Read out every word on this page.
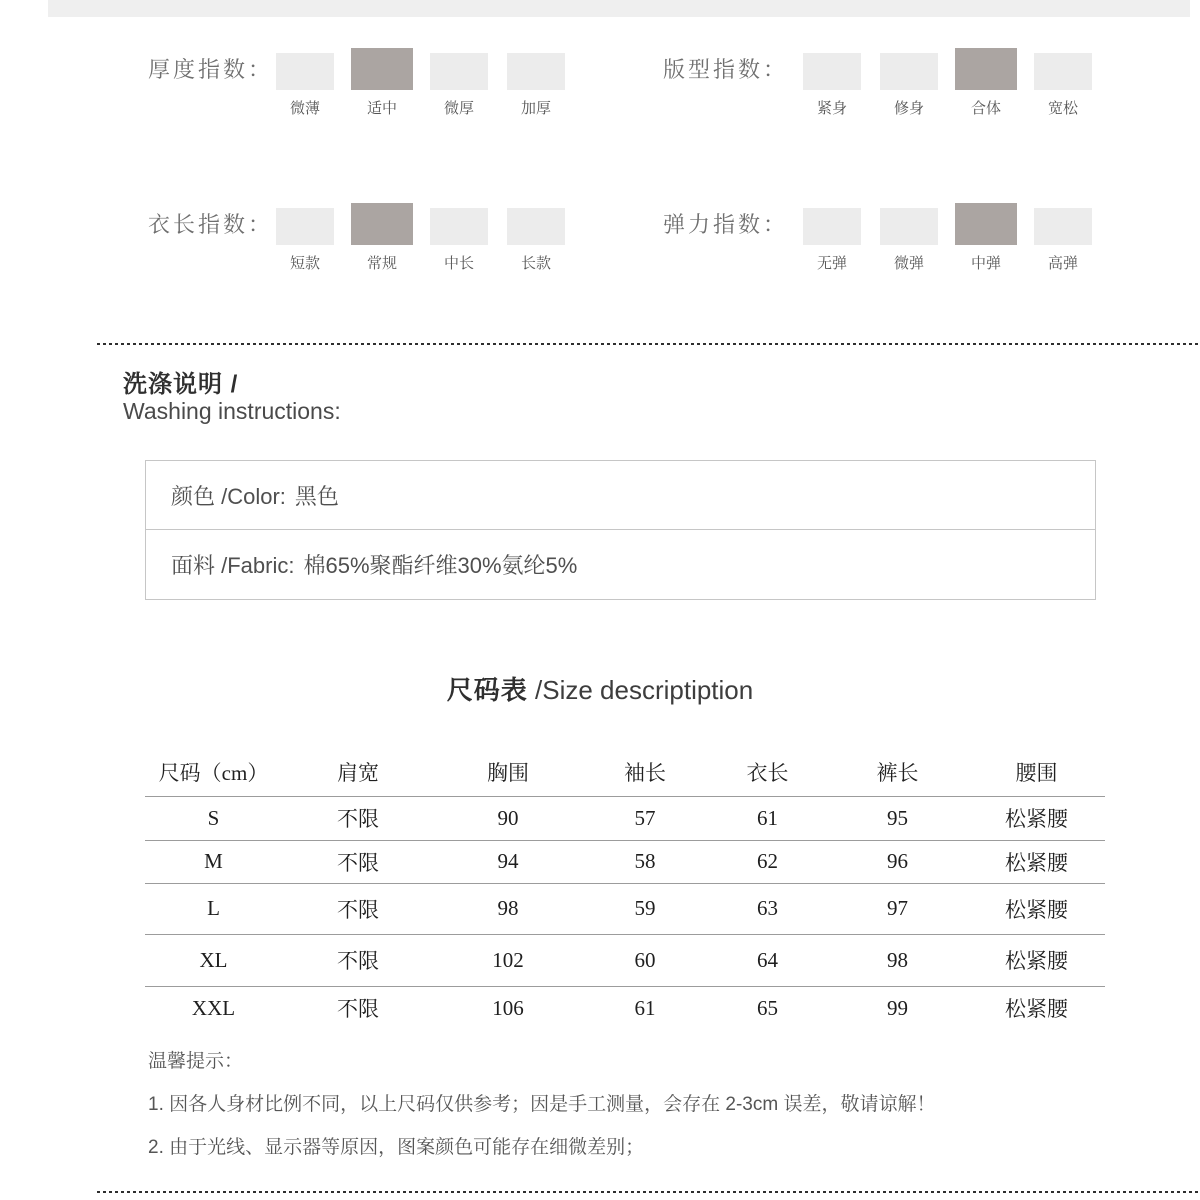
厚度指数：
微薄	适中	微厚	加厚
版型指数：
紧身	修身	合体	宽松
衣长指数：
短款	常规	中长	长款
弹力指数：
无弹	微弹	中弹	高弹
洗涤说明 /
Washing instructions:
颜色 /Color: 黑色
面料 /Fabric: 棉65%聚酯纤维30%氨纶5%
尺码表 /Size descriptiption
尺码（cm）	肩宽	胸围	袖长	衣长	裤长	腰围
S	不限	90	57	61	95	松紧腰
M	不限	94	58	62	96	松紧腰
L	不限	98	59	63	97	松紧腰
XL	不限	102	60	64	98	松紧腰
XXL	不限	106	61	65	99	松紧腰
温馨提示：
1. 因各人身材比例不同，以上尺码仅供参考；因是手工测量，会存在 2-3cm 误差，敬请谅解！
2. 由于光线、显示器等原因，图案颜色可能存在细微差别；
